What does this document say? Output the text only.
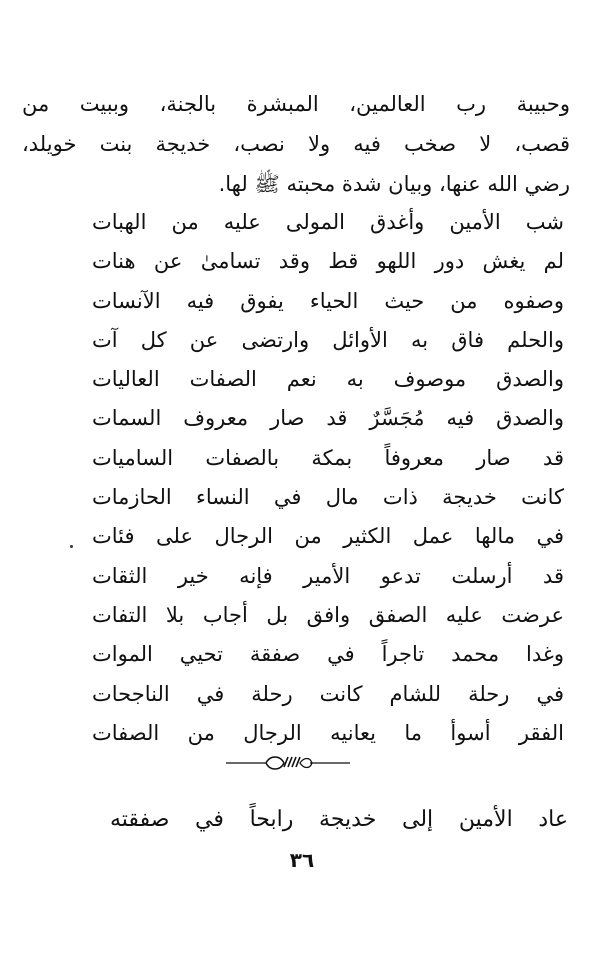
وحبيبة رب العالمين، المبشرة بالجنة، وببيت من
قصب، لا صخب فيه ولا نصب، خديجة بنت خويلد،
رضي الله عنها، وبيان شدة محبته ﷺ لها.
شب الأمين وأغدق المولى عليه من الهبات
لم يغش دور اللهو قط وقد تسامىٰ عن هنات
وصفوه من حيث الحياء يفوق فيه الآنسات
والحلم فاق به الأوائل وارتضى عن كل آت
والصدق موصوف به نعم الصفات العاليات
والصدق فيه مُجَسَّرٌ قد صار معروف السمات
قد صار معروفاً بمكة بالصفات الساميات
كانت خديجة ذات مال في النساء الحازمات
في مالها عمل الكثير من الرجال على فئات
قد أرسلت تدعو الأمير فإنه خير الثقات
عرضت عليه الصفق وافق بل أجاب بلا التفات
وغدا محمد تاجراً في صفقة تحيي الموات
في رحلة للشام كانت رحلة في الناجحات
الفقر أسوأ ما يعانيه الرجال من الصفات
عاد الأمين إلى خديجة رابحاً في صفقته
٣٦
